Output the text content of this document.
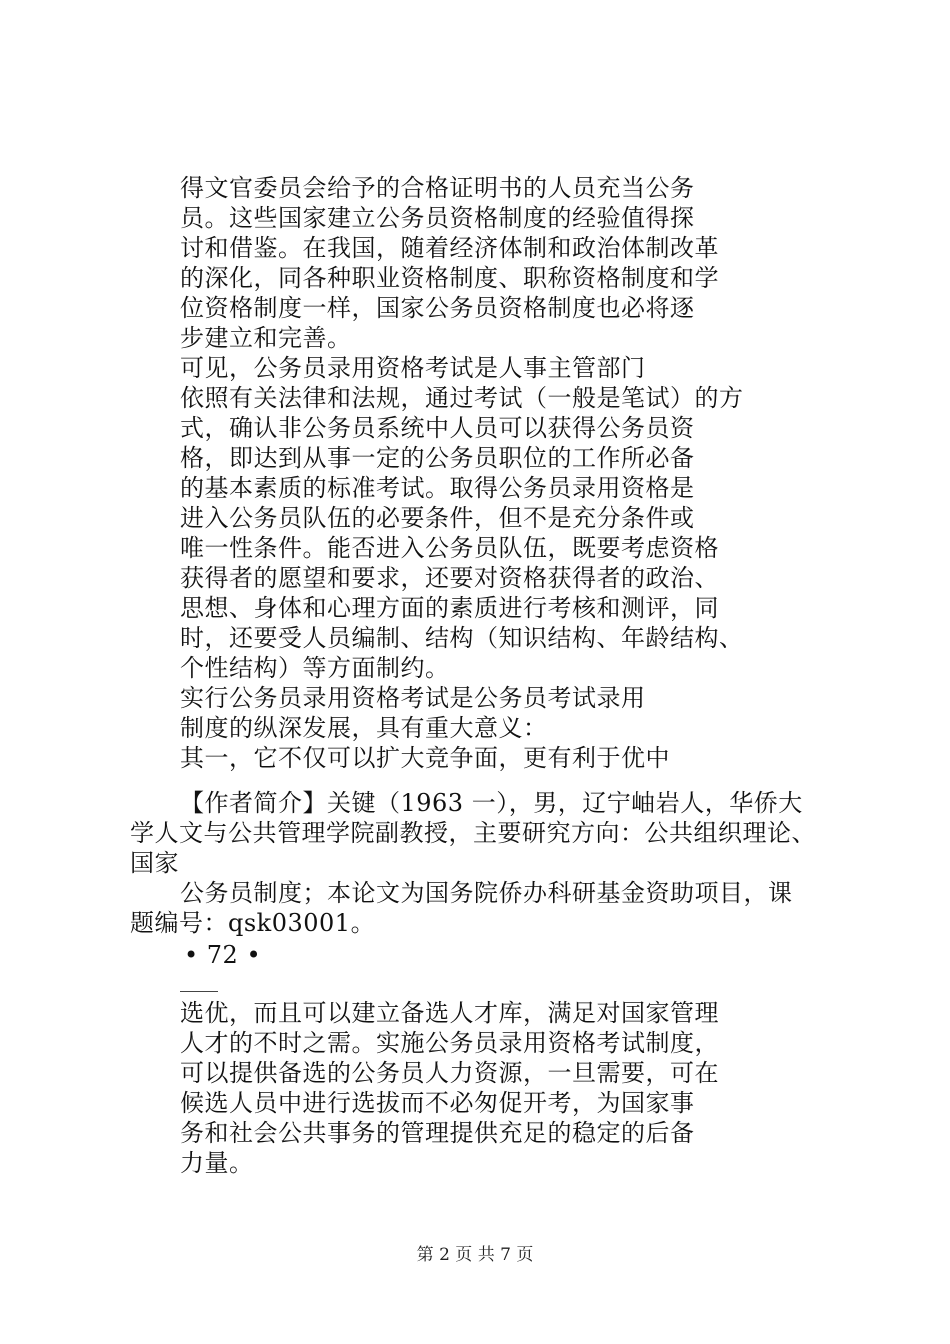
得文官委员会给予的合格证明书的人员充当公务
员。这些国家建立公务员资格制度的经验值得探
讨和借鉴。在我国，随着经济体制和政治体制改革
的深化，同各种职业资格制度、职称资格制度和学
位资格制度一样，国家公务员资格制度也必将逐
步建立和完善。
可见，公务员录用资格考试是人事主管部门
依照有关法律和法规，通过考试（一般是笔试）的方
式，确认非公务员系统中人员可以获得公务员资
格，即达到从事一定的公务员职位的工作所必备
的基本素质的标准考试。取得公务员录用资格是
进入公务员队伍的必要条件，但不是充分条件或
唯一性条件。能否进入公务员队伍，既要考虑资格
获得者的愿望和要求，还要对资格获得者的政治、
思想、身体和心理方面的素质进行考核和测评，同
时，还要受人员编制、结构（知识结构、年龄结构、
个性结构）等方面制约。
实行公务员录用资格考试是公务员考试录用
制度的纵深发展，具有重大意义：
其一，它不仅可以扩大竞争面，更有利于优中
【作者简介】关键（1963 一），男，辽宁岫岩人，华侨大
学人文与公共管理学院副教授，主要研究方向：公共组织理论、
国家
公务员制度；本论文为国务院侨办科研基金资助项目，课
题编号：qsk03001。
• 72 •
选优，而且可以建立备选人才库，满足对国家管理
人才的不时之需。实施公务员录用资格考试制度，
可以提供备选的公务员人力资源，一旦需要，可在
候选人员中进行选拔而不必匆促开考，为国家事
务和社会公共事务的管理提供充足的稳定的后备
力量。
第 2 页 共 7 页
